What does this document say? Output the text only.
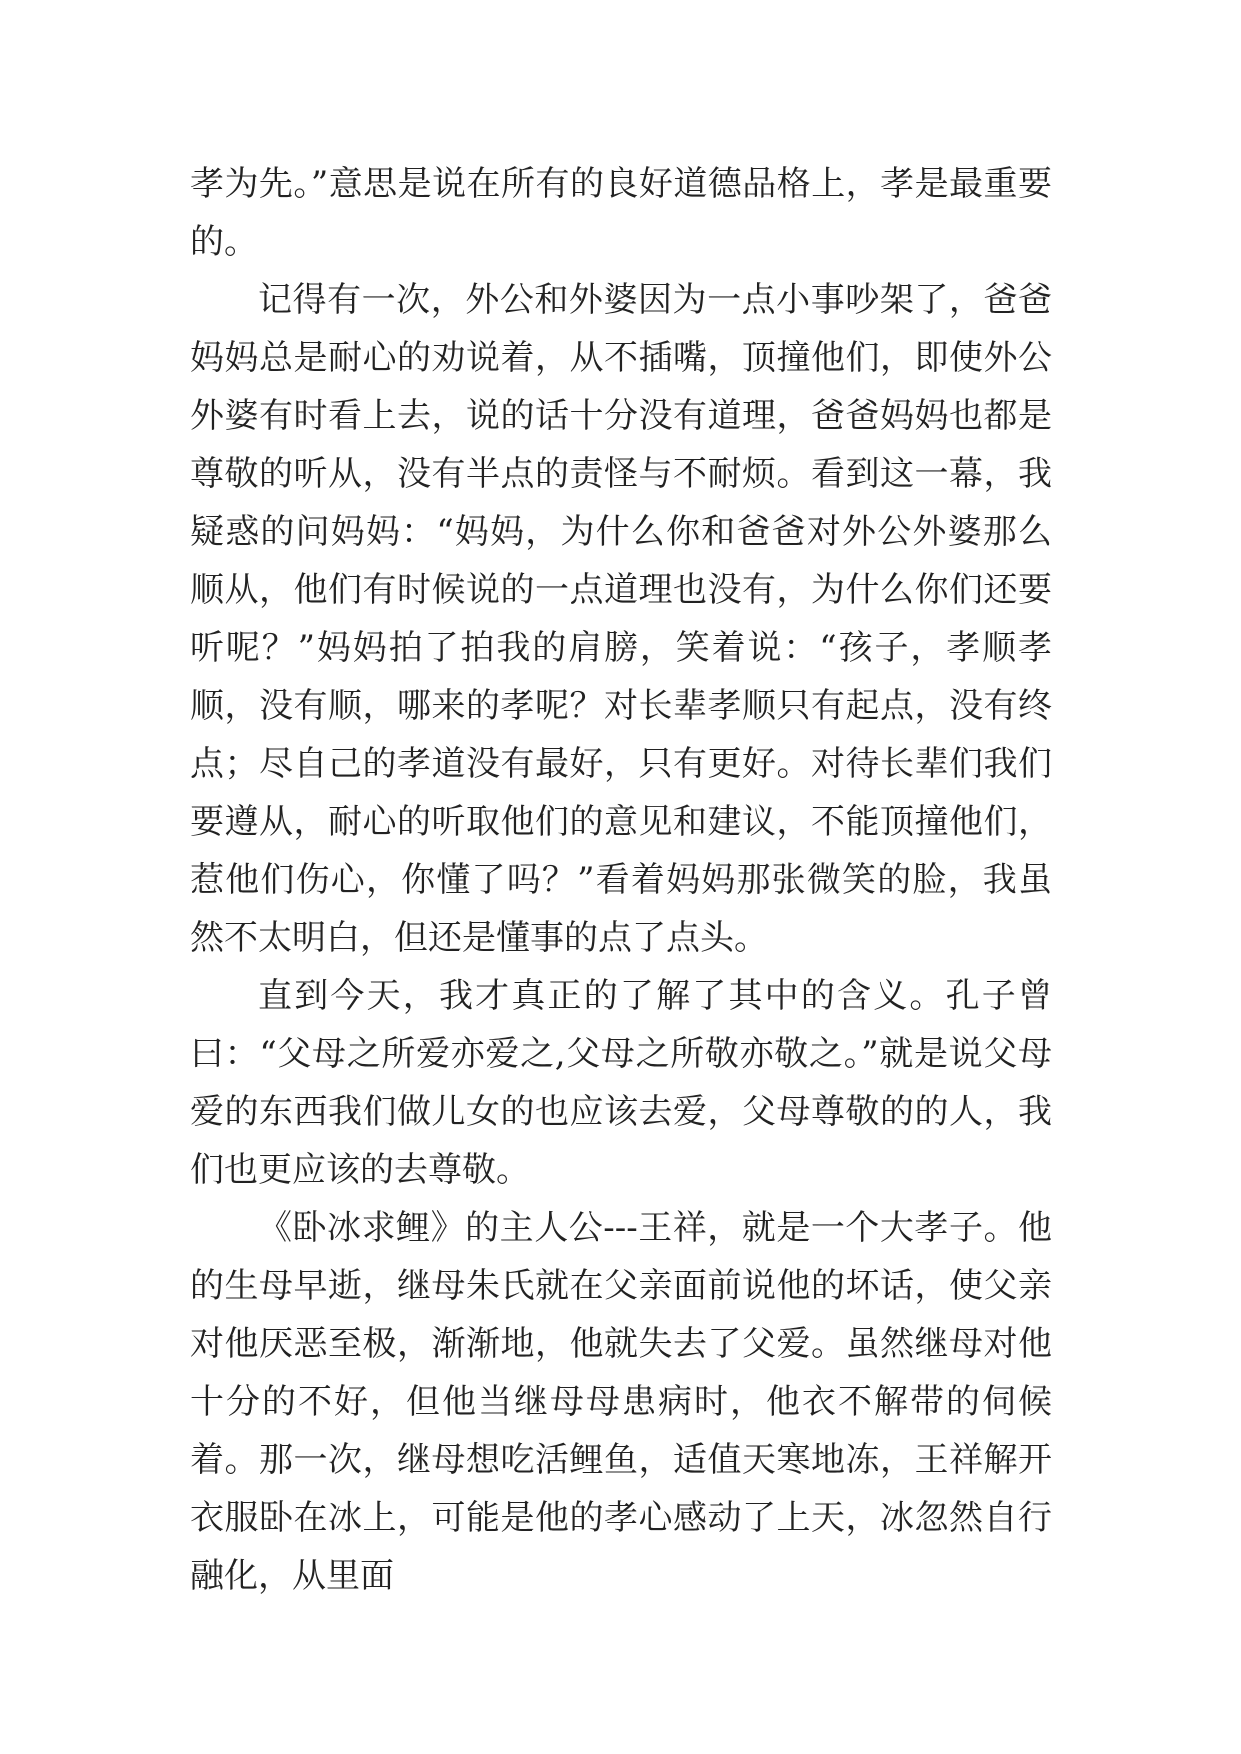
孝为先。”意思是说在所有的良好道德品格上，孝是最重要的。

记得有一次，外公和外婆因为一点小事吵架了，爸爸妈妈总是耐心的劝说着，从不插嘴，顶撞他们，即使外公外婆有时看上去，说的话十分没有道理，爸爸妈妈也都是尊敬的听从，没有半点的责怪与不耐烦。看到这一幕，我疑惑的问妈妈：“妈妈，为什么你和爸爸对外公外婆那么顺从，他们有时候说的一点道理也没有，为什么你们还要听呢？”妈妈拍了拍我的肩膀，笑着说：“孩子，孝顺孝顺，没有顺，哪来的孝呢？对长辈孝顺只有起点，没有终点；尽自己的孝道没有最好，只有更好。对待长辈们我们要遵从，耐心的听取他们的意见和建议，不能顶撞他们，惹他们伤心，你懂了吗？”看着妈妈那张微笑的脸，我虽然不太明白，但还是懂事的点了点头。

直到今天，我才真正的了解了其中的含义。孔子曾曰：“父母之所爱亦爱之,父母之所敬亦敬之。”就是说父母爱的东西我们做儿女的也应该去爱，父母尊敬的的人，我们也更应该的去尊敬。

《卧冰求鲤》的主人公---王祥，就是一个大孝子。他的生母早逝，继母朱氏就在父亲面前说他的坏话，使父亲对他厌恶至极，渐渐地，他就失去了父爱。虽然继母对他十分的不好，但他当继母母患病时，他衣不解带的伺候着。那一次，继母想吃活鲤鱼，适值天寒地冻，王祥解开衣服卧在冰上，可能是他的孝心感动了上天，冰忽然自行融化，从里面
